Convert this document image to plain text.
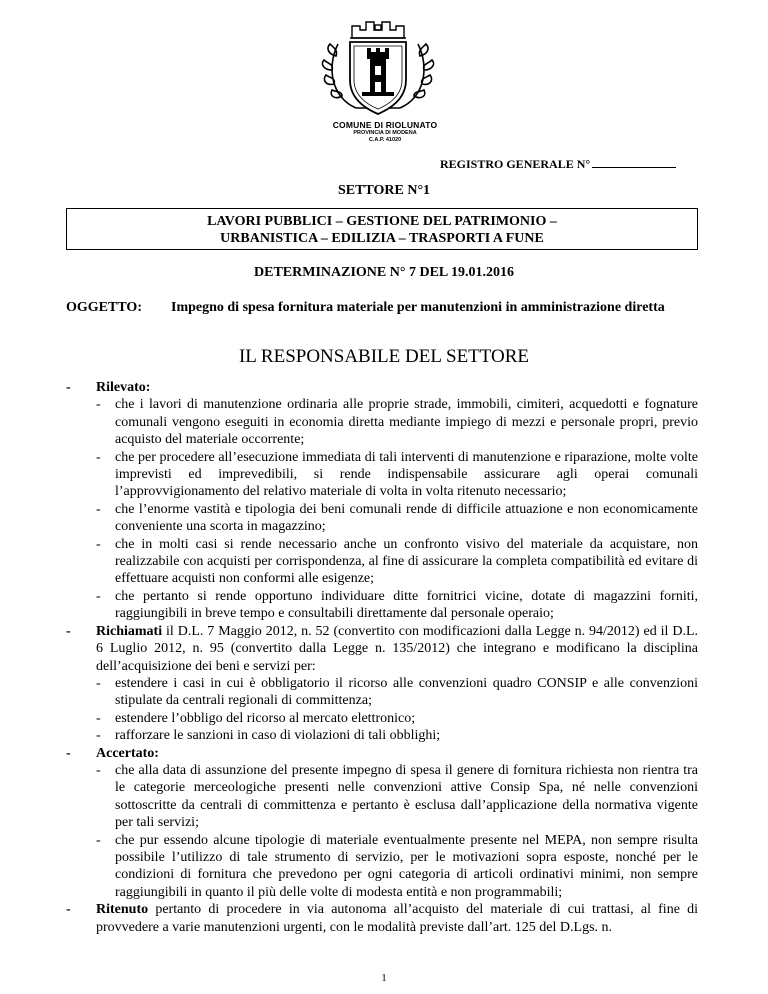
COMUNE DI RIOLUNATO
PROVINCIA DI MODENA
C.A.P. 41020
REGISTRO GENERALE N°
SETTORE N°1
LAVORI PUBBLICI – GESTIONE DEL PATRIMONIO –
URBANISTICA – EDILIZIA – TRASPORTI A FUNE
DETERMINAZIONE N° 7 DEL 19.01.2016
OGGETTO: Impegno di spesa fornitura materiale per manutenzioni in amministrazione diretta
IL RESPONSABILE DEL SETTORE
- Rilevato:
- che i lavori di manutenzione ordinaria alle proprie strade, immobili, cimiteri, acquedotti e fognature comunali vengono eseguiti in economia diretta mediante impiego di mezzi e personale propri, previo acquisto del materiale occorrente;
- che per procedere all’esecuzione immediata di tali interventi di manutenzione e riparazione, molte volte imprevisti ed imprevedibili, si rende indispensabile assicurare agli operai comunali l’approvvigionamento del relativo materiale di volta in volta ritenuto necessario;
- che l’enorme vastità e tipologia dei beni comunali rende di difficile attuazione e non economicamente conveniente una scorta in magazzino;
- che in molti casi si rende necessario anche un confronto visivo del materiale da acquistare, non realizzabile con acquisti per corrispondenza, al fine di assicurare la completa compatibilità ed evitare di effettuare acquisti non conformi alle esigenze;
- che pertanto si rende opportuno individuare ditte fornitrici vicine, dotate di magazzini forniti, raggiungibili in breve tempo e consultabili direttamente dal personale operaio;
- Richiamati il D.L. 7 Maggio 2012, n. 52 (convertito con modificazioni dalla Legge n. 94/2012) ed il D.L. 6 Luglio 2012, n. 95 (convertito dalla Legge n. 135/2012) che integrano e modificano la disciplina dell’acquisizione dei beni e servizi per:
- estendere i casi in cui è obbligatorio il ricorso alle convenzioni quadro CONSIP e alle convenzioni stipulate da centrali regionali di committenza;
- estendere l’obbligo del ricorso al mercato elettronico;
- rafforzare le sanzioni in caso di violazioni di tali obblighi;
- Accertato:
- che alla data di assunzione del presente impegno di spesa il genere di fornitura richiesta non rientra tra le categorie merceologiche presenti nelle convenzioni attive Consip Spa, né nelle convenzioni sottoscritte da centrali di committenza e pertanto è esclusa dall’applicazione della normativa vigente per tali servizi;
- che pur essendo alcune tipologie di materiale eventualmente presente nel MEPA, non sempre risulta possibile l’utilizzo di tale strumento di servizio, per le motivazioni sopra esposte, nonché per le condizioni di fornitura che prevedono per ogni categoria di articoli ordinativi minimi, non sempre raggiungibili in quanto il più delle volte di modesta entità e non programmabili;
- Ritenuto pertanto di procedere in via autonoma all’acquisto del materiale di cui trattasi, al fine di provvedere a varie manutenzioni urgenti, con le modalità previste dall’art. 125 del D.Lgs. n.
1
